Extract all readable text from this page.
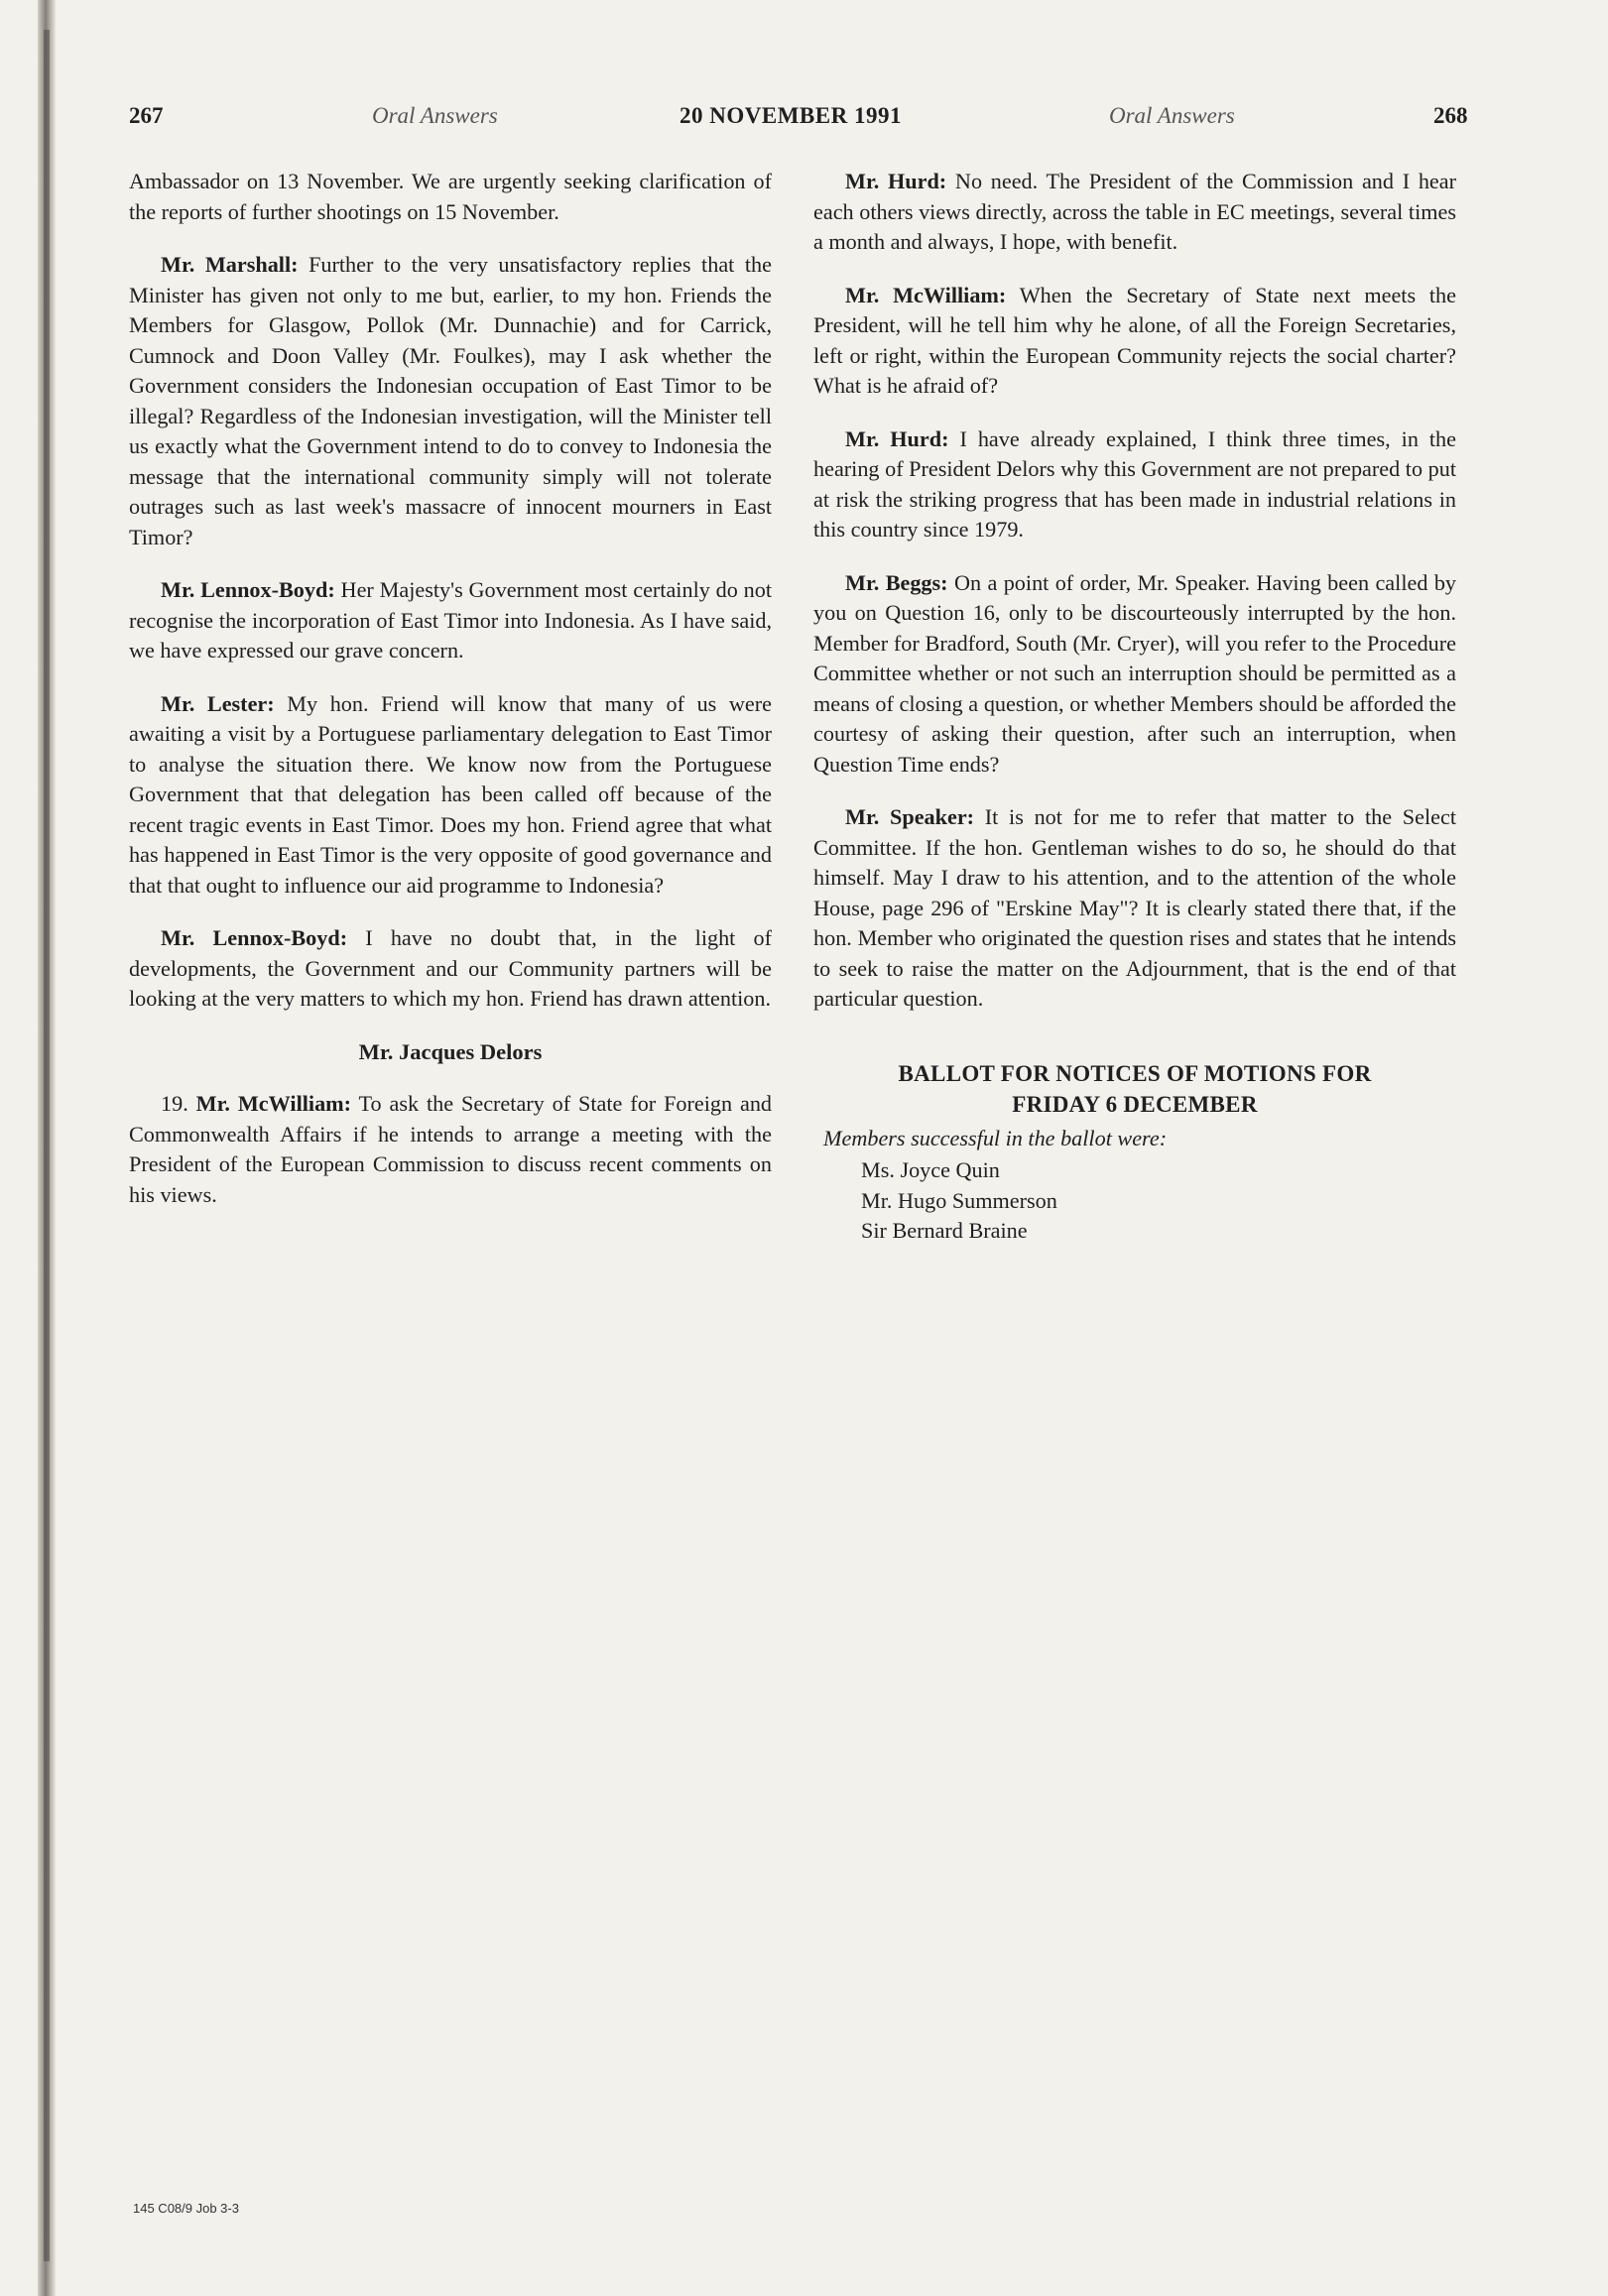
267	Oral Answers	20 NOVEMBER 1991	Oral Answers	268

Ambassador on 13 November. We are urgently seeking clarification of the reports of further shootings on 15 November.

Mr. Marshall: Further to the very unsatisfactory replies that the Minister has given not only to me but, earlier, to my hon. Friends the Members for Glasgow, Pollok (Mr. Dunnachie) and for Carrick, Cumnock and Doon Valley (Mr. Foulkes), may I ask whether the Government considers the Indonesian occupation of East Timor to be illegal? Regardless of the Indonesian investigation, will the Minister tell us exactly what the Government intend to do to convey to Indonesia the message that the international community simply will not tolerate outrages such as last week's massacre of innocent mourners in East Timor?

Mr. Lennox-Boyd: Her Majesty's Government most certainly do not recognise the incorporation of East Timor into Indonesia. As I have said, we have expressed our grave concern.

Mr. Lester: My hon. Friend will know that many of us were awaiting a visit by a Portuguese parliamentary delegation to East Timor to analyse the situation there. We know now from the Portuguese Government that that delegation has been called off because of the recent tragic events in East Timor. Does my hon. Friend agree that what has happened in East Timor is the very opposite of good governance and that that ought to influence our aid programme to Indonesia?

Mr. Lennox-Boyd: I have no doubt that, in the light of developments, the Government and our Community partners will be looking at the very matters to which my hon. Friend has drawn attention.

Mr. Jacques Delors

19. Mr. McWilliam: To ask the Secretary of State for Foreign and Commonwealth Affairs if he intends to arrange a meeting with the President of the European Commission to discuss recent comments on his views.

Mr. Hurd: No need. The President of the Commission and I hear each others views directly, across the table in EC meetings, several times a month and always, I hope, with benefit.

Mr. McWilliam: When the Secretary of State next meets the President, will he tell him why he alone, of all the Foreign Secretaries, left or right, within the European Community rejects the social charter? What is he afraid of?

Mr. Hurd: I have already explained, I think three times, in the hearing of President Delors why this Government are not prepared to put at risk the striking progress that has been made in industrial relations in this country since 1979.

Mr. Beggs: On a point of order, Mr. Speaker. Having been called by you on Question 16, only to be discourteously interrupted by the hon. Member for Bradford, South (Mr. Cryer), will you refer to the Procedure Committee whether or not such an interruption should be permitted as a means of closing a question, or whether Members should be afforded the courtesy of asking their question, after such an interruption, when Question Time ends?

Mr. Speaker: It is not for me to refer that matter to the Select Committee. If the hon. Gentleman wishes to do so, he should do that himself. May I draw to his attention, and to the attention of the whole House, page 296 of "Erskine May"? It is clearly stated there that, if the hon. Member who originated the question rises and states that he intends to seek to raise the matter on the Adjournment, that is the end of that particular question.

BALLOT FOR NOTICES OF MOTIONS FOR
FRIDAY 6 DECEMBER
Members successful in the ballot were:
Ms. Joyce Quin
Mr. Hugo Summerson
Sir Bernard Braine
145 C08/9 Job 3-3
